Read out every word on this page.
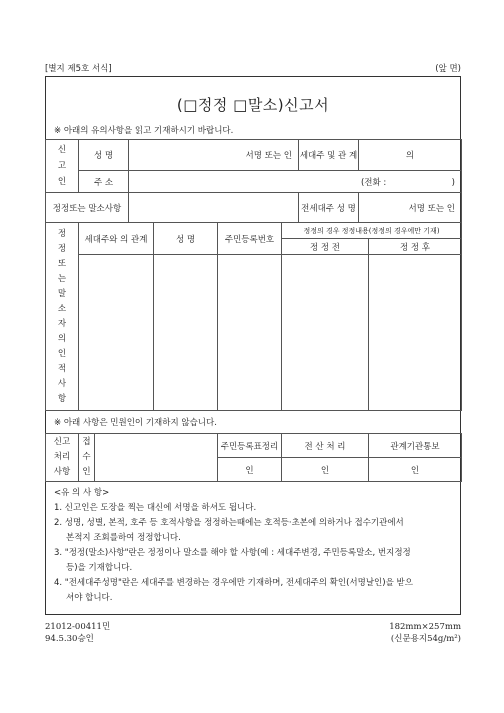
[별지 제5호 서식]	(앞 면)
(□정정 □말소)신고서
※ 아래의 유의사항을 읽고 기재하시기 바랍니다.
신고인	성 명	서명 또는 인	세대주 및 관 계	의
	주 소	(전화 : )		
정정또는 말소사항			전세대주 성 명	서명 또는 인
정정또는말소자의인적사항	세대주와 의 관계	성 명	주민등록번호	정정의 경우 정정내용(정정의 경우에만 기재)	
				정 정 전	정 정 후

※ 아래 사항은 민원인이 기재하지 않습니다.
신고처리사항	접수인		주민등록표정리	전 산 처 리	관계기관통보
			인	인	인

<유 의 사 항>

1. 신고인은 도장을 찍는 대신에 서명을 하셔도 됩니다.

2. 성명, 성별, 본적, 호주 등 호적사항을 정정하는때에는 호적등·초본에 의하거나 접수기관에서

본적지 조회를하여 정정합니다.

3. "정정(말소)사항"란은 정정이나 말소를 해야 할 사항(예 : 세대주변경, 주민등록말소, 번지정정

등)을 기재합니다.

4. "전세대주성명"란은 세대주를 변경하는 경우에만 기재하며, 전세대주의 확인(서명날인)을 받으

셔야 합니다.

21012-00411민
94.5.30승인
182mm×257mm
(신문용지54g/m²)
